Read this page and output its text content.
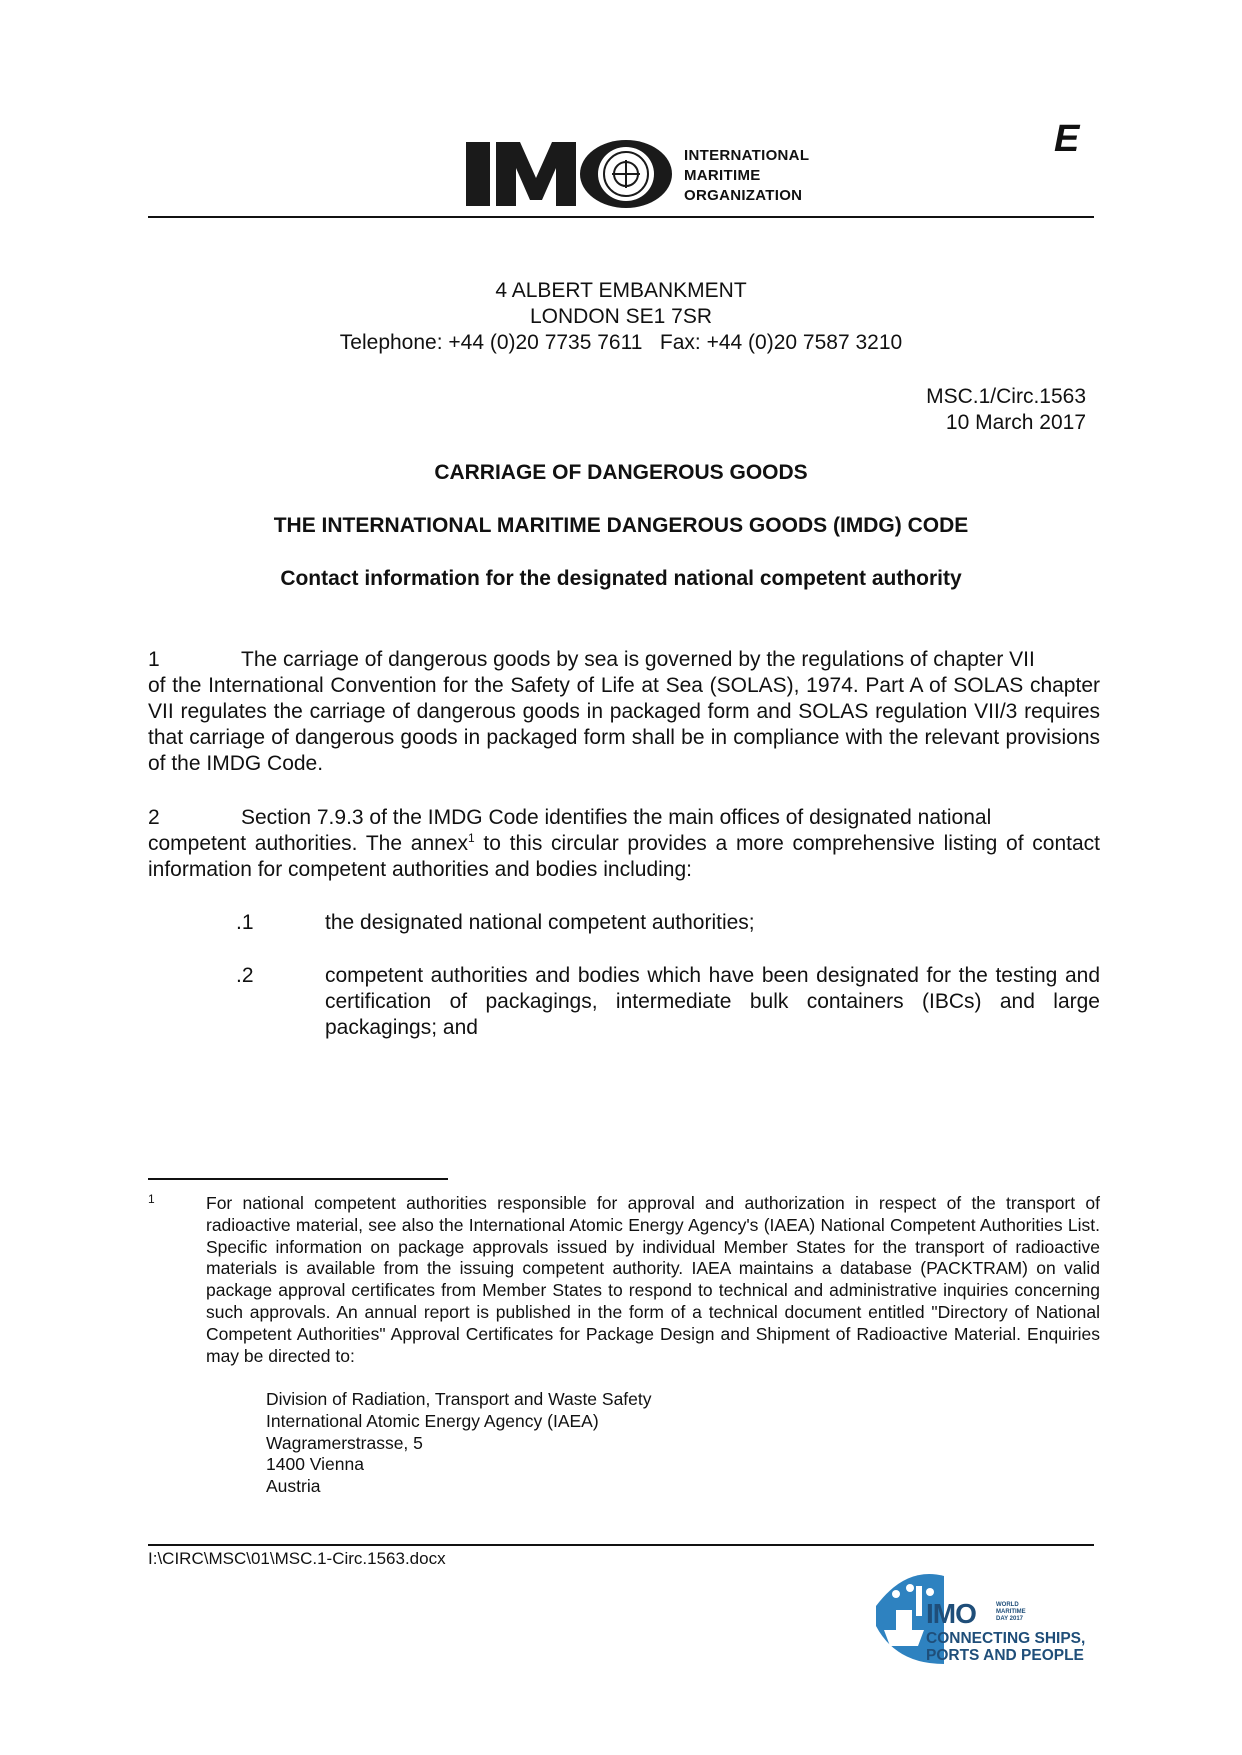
INTERNATIONAL
MARITIME
ORGANIZATION
E
4 ALBERT EMBANKMENT
LONDON SE1 7SR
Telephone: +44 (0)20 7735 7611   Fax: +44 (0)20 7587 3210
MSC.1/Circ.1563
10 March 2017
CARRIAGE OF DANGEROUS GOODS
THE INTERNATIONAL MARITIME DANGEROUS GOODS (IMDG) CODE
Contact information for the designated national competent authority
1	The carriage of dangerous goods by sea is governed by the regulations of chapter VII
of the International Convention for the Safety of Life at Sea (SOLAS), 1974. Part A of SOLAS chapter VII regulates the carriage of dangerous goods in packaged form and SOLAS regulation VII/3 requires that carriage of dangerous goods in packaged form shall be in compliance with the relevant provisions of the IMDG Code.
2	Section 7.9.3 of the IMDG Code identifies the main offices of designated national
competent authorities. The annex$^1$ to this circular provides a more comprehensive listing of contact information for competent authorities and bodies including:
.1	the designated national competent authorities;
.2	competent authorities and bodies which have been designated for the testing and certification of packagings, intermediate bulk containers (IBCs) and large packagings; and
1	For national competent authorities responsible for approval and authorization in respect of the transport of radioactive material, see also the International Atomic Energy Agency's (IAEA) National Competent Authorities List. Specific information on package approvals issued by individual Member States for the transport of radioactive materials is available from the issuing competent authority. IAEA maintains a database (PACKTRAM) on valid package approval certificates from Member States to respond to technical and administrative inquiries concerning such approvals. An annual report is published in the form of a technical document entitled "Directory of National Competent Authorities" Approval Certificates for Package Design and Shipment of Radioactive Material. Enquiries may be directed to:
Division of Radiation, Transport and Waste Safety
International Atomic Energy Agency (IAEA)
Wagramerstrasse, 5
1400 Vienna
Austria
I:\CIRC\MSC\01\MSC.1-Circ.1563.docx
IMO	WORLD
MARITIME
DAY 2017
CONNECTING SHIPS,
PORTS AND PEOPLE
